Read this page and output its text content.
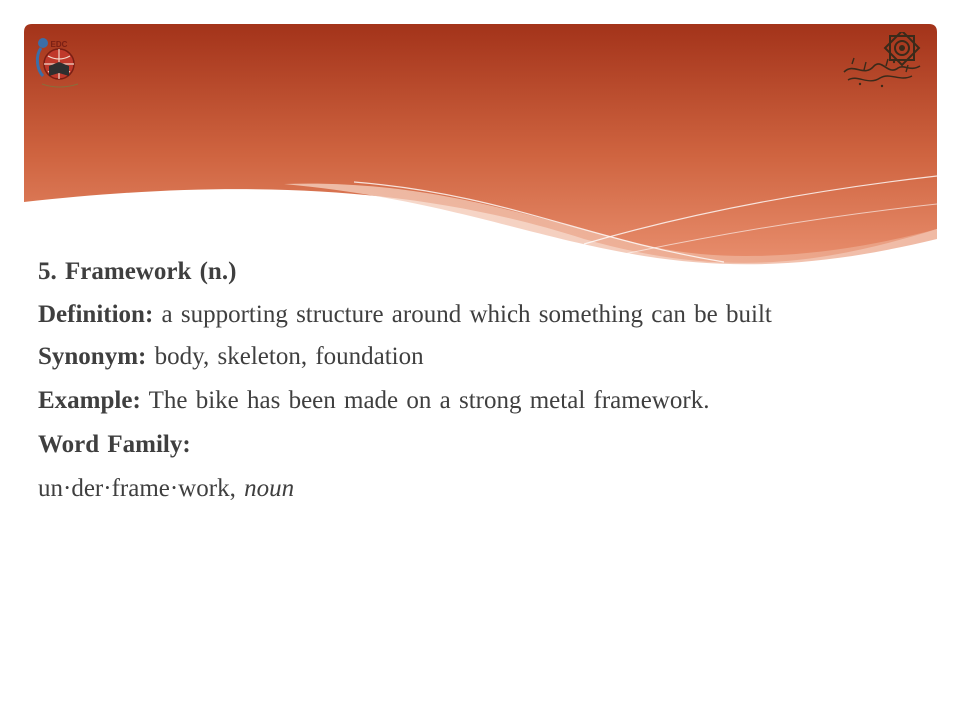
EDC

5. Framework (n.)

Definition: a supporting structure around which something can be built

Synonym: body, skeleton, foundation

Example: The bike has been made on a strong metal framework.

Word Family:

un·der·frame·work, noun
